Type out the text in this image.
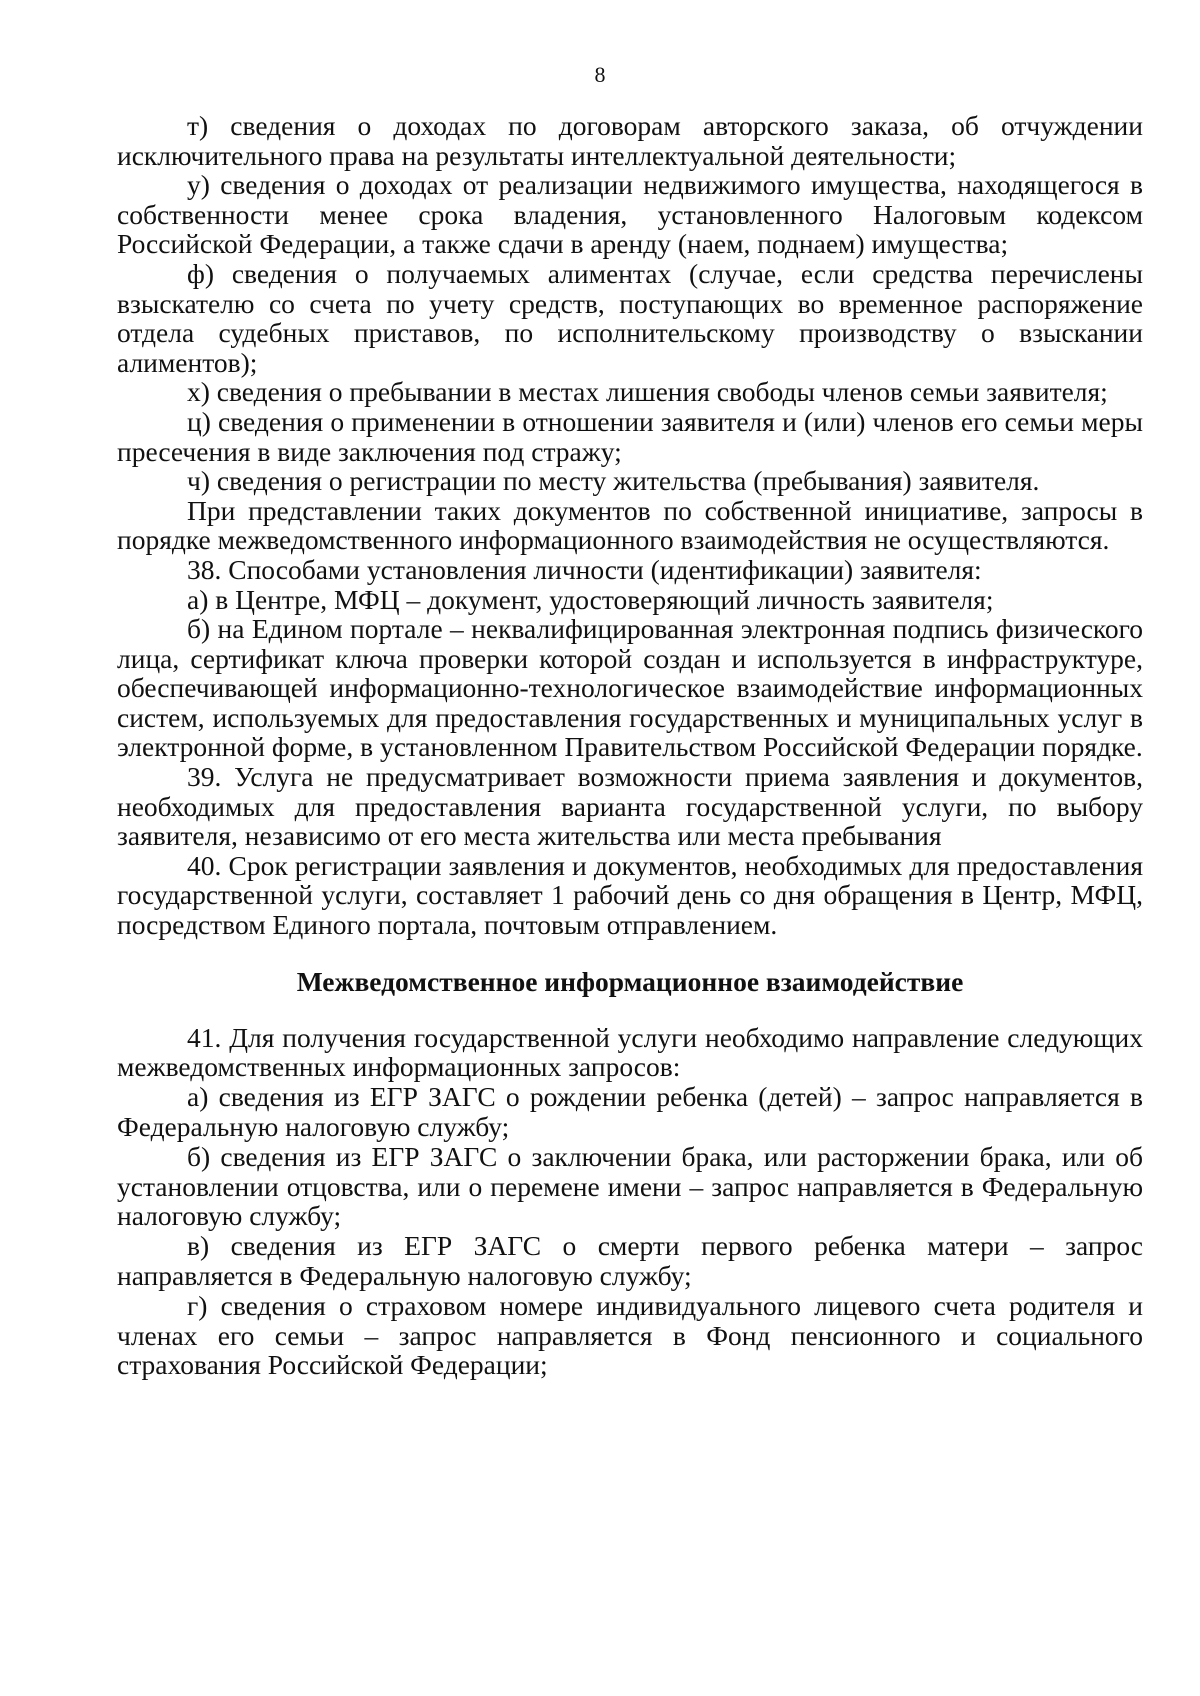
8

т) сведения о доходах по договорам авторского заказа, об отчуждении исключительного права на результаты интеллектуальной деятельности;

у) сведения о доходах от реализации недвижимого имущества, находящегося в собственности менее срока владения, установленного Налоговым кодексом Российской Федерации, а также сдачи в аренду (наем, поднаем) имущества;

ф) сведения о получаемых алиментах (случае, если средства перечислены взыскателю со счета по учету средств, поступающих во временное распоряжение отдела судебных приставов, по исполнительскому производству о взыскании алиментов);

х) сведения о пребывании в местах лишения свободы членов семьи заявителя;

ц) сведения о применении в отношении заявителя и (или) членов его семьи меры пресечения в виде заключения под стражу;

ч) сведения о регистрации по месту жительства (пребывания) заявителя.

При представлении таких документов по собственной инициативе, запросы в порядке межведомственного информационного взаимодействия не осуществляются.

38. Способами установления личности (идентификации) заявителя:

а) в Центре, МФЦ – документ, удостоверяющий личность заявителя;

б) на Едином портале – неквалифицированная электронная подпись физического лица, сертификат ключа проверки которой создан и используется в инфраструктуре, обеспечивающей информационно-технологическое взаимодействие информационных систем, используемых для предоставления государственных и муниципальных услуг в электронной форме, в установленном Правительством Российской Федерации порядке.

39. Услуга не предусматривает возможности приема заявления и документов, необходимых для предоставления варианта государственной услуги, по выбору заявителя, независимо от его места жительства или места пребывания

40. Срок регистрации заявления и документов, необходимых для предоставления государственной услуги, составляет 1 рабочий день со дня обращения в Центр, МФЦ, посредством Единого портала, почтовым отправлением.

Межведомственное информационное взаимодействие

41. Для получения государственной услуги необходимо направление следующих межведомственных информационных запросов:

а) сведения из ЕГР ЗАГС о рождении ребенка (детей) – запрос направляется в Федеральную налоговую службу;

б) сведения из ЕГР ЗАГС о заключении брака, или расторжении брака, или об установлении отцовства, или о перемене имени – запрос направляется в Федеральную налоговую службу;

в) сведения из ЕГР ЗАГС о смерти первого ребенка матери – запрос направляется в Федеральную налоговую службу;

г) сведения о страховом номере индивидуального лицевого счета родителя и членах его семьи – запрос направляется в Фонд пенсионного и социального страхования Российской Федерации;
